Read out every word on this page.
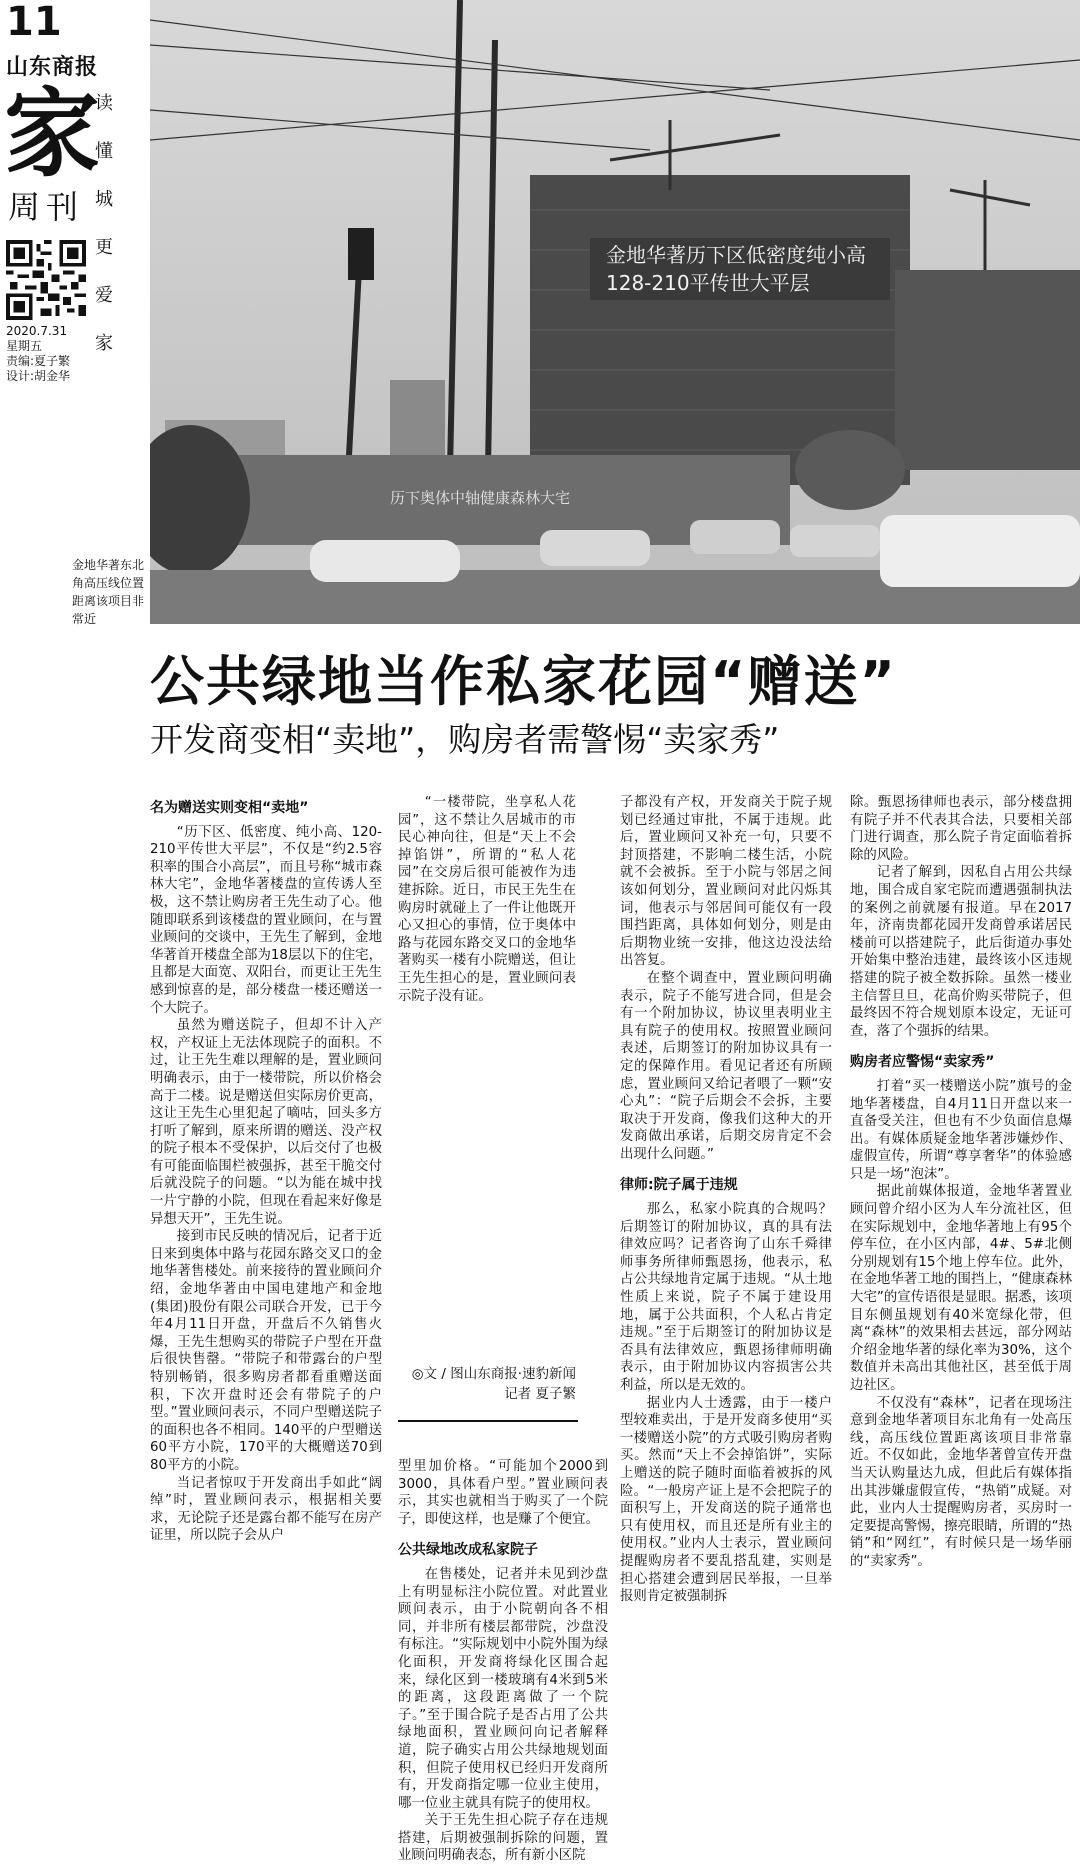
11
山东商报
家
周刊
读
懂
城
更
爱
家
2020.7.31
星期五
责编:夏子繁
设计:胡金华
金地华著东北角高压线位置距离该项目非常近
金地华著历下区低密度纯小高
128-210平传世大平层
历下奥体中轴健康森林大宅
公共绿地当作私家花园“赠送”
开发商变相“卖地”，购房者需警惕“卖家秀”
名为赠送实则变相“卖地”

“历下区、低密度、纯小高、120-210平传世大平层”，不仅是“约2.5容积率的围合小高层”，而且号称“城市森林大宅”，金地华著楼盘的宣传诱人至极，这不禁让购房者王先生动了心。他随即联系到该楼盘的置业顾问，在与置业顾问的交谈中，王先生了解到，金地华著首开楼盘全部为18层以下的住宅，且都是大面宽、双阳台，而更让王先生感到惊喜的是，部分楼盘一楼还赠送一个大院子。

虽然为赠送院子，但却不计入产权，产权证上无法体现院子的面积。不过，让王先生难以理解的是，置业顾问明确表示，由于一楼带院，所以价格会高于二楼。说是赠送但实际房价更高，这让王先生心里犯起了嘀咕，回头多方打听了解到，原来所谓的赠送、没产权的院子根本不受保护，以后交付了也极有可能面临围栏被强拆，甚至干脆交付后就没院子的问题。“以为能在城中找一片宁静的小院，但现在看起来好像是异想天开”，王先生说。

接到市民反映的情况后，记者于近日来到奥体中路与花园东路交叉口的金地华著售楼处。前来接待的置业顾问介绍，金地华著由中国电建地产和金地(集团)股份有限公司联合开发，已于今年4月11日开盘，开盘后不久销售火爆，王先生想购买的带院子户型在开盘后很快售罄。“带院子和带露台的户型特别畅销，很多购房者都看重赠送面积，下次开盘时还会有带院子的户型。”置业顾问表示，不同户型赠送院子的面积也各不相同。140平的户型赠送60平方小院，170平的大概赠送70到80平方的小院。

当记者惊叹于开发商出手如此“阔绰”时，置业顾问表示，根据相关要求，无论院子还是露台都不能写在房产证里，所以院子会从户

“一楼带院，坐享私人花园”，这不禁让久居城市的市民心神向往，但是“天上不会掉馅饼”，所谓的“私人花园”在交房后很可能被作为违建拆除。近日，市民王先生在购房时就碰上了一件让他既开心又担心的事情，位于奥体中路与花园东路交叉口的金地华著购买一楼有小院赠送，但让王先生担心的是，置业顾问表示院子没有证。

◎文 / 图山东商报·速豹新闻
记者 夏子繁

型里加价格。“可能加个2000到3000，具体看户型。”置业顾问表示，其实也就相当于购买了一个院子，即使这样，也是赚了个便宜。

公共绿地改成私家院子

在售楼处，记者并未见到沙盘上有明显标注小院位置。对此置业顾问表示，由于小院朝向各不相同，并非所有楼层都带院，沙盘没有标注。“实际规划中小院外围为绿化面积，开发商将绿化区围合起来，绿化区到一楼玻璃有4米到5米的距离，这段距离做了一个院子。”至于围合院子是否占用了公共绿地面积，置业顾问向记者解释道，院子确实占用公共绿地规划面积，但院子使用权已经归开发商所有，开发商指定哪一位业主使用，哪一位业主就具有院子的使用权。

关于王先生担心院子存在违规搭建，后期被强制拆除的问题，置业顾问明确表态，所有新小区院

子都没有产权，开发商关于院子规划已经通过审批，不属于违规。此后，置业顾问又补充一句，只要不封顶搭建，不影响二楼生活，小院就不会被拆。至于小院与邻居之间该如何划分，置业顾问对此闪烁其词，他表示与邻居间可能仅有一段围挡距离，具体如何划分，则是由后期物业统一安排，他这边没法给出答复。

在整个调查中，置业顾问明确表示，院子不能写进合同，但是会有一个附加协议，协议里表明业主具有院子的使用权。按照置业顾问表述，后期签订的附加协议具有一定的保障作用。看见记者还有所顾虑，置业顾问又给记者喂了一颗“安心丸”：“院子后期会不会拆，主要取决于开发商，像我们这种大的开发商做出承诺，后期交房肯定不会出现什么问题。”

律师:院子属于违规

那么，私家小院真的合规吗？后期签订的附加协议，真的具有法律效应吗？记者咨询了山东千舜律师事务所律师甄恩扬，他表示，私占公共绿地肯定属于违规。“从土地性质上来说，院子不属于建设用地，属于公共面积，个人私占肯定违规。”至于后期签订的附加协议是否具有法律效应，甄恩扬律师明确表示，由于附加协议内容损害公共利益，所以是无效的。

据业内人士透露，由于一楼户型较难卖出，于是开发商多使用“买一楼赠送小院”的方式吸引购房者购买。然而“天上不会掉馅饼”，实际上赠送的院子随时面临着被拆的风险。“一般房产证上是不会把院子的面积写上，开发商送的院子通常也只有使用权，而且还是所有业主的使用权。”业内人士表示，置业顾问提醒购房者不要乱搭乱建，实则是担心搭建会遭到居民举报，一旦举报则肯定被强制拆

除。甄恩扬律师也表示，部分楼盘拥有院子并不代表其合法，只要相关部门进行调查，那么院子肯定面临着拆除的风险。

记者了解到，因私自占用公共绿地，围合成自家宅院而遭遇强制执法的案例之前就屡有报道。早在2017年，济南贵都花园开发商曾承诺居民楼前可以搭建院子，此后街道办事处开始集中整治违建，最终该小区违规搭建的院子被全数拆除。虽然一楼业主信誓旦旦，花高价购买带院子，但最终因不符合规划原本设定，无证可查，落了个强拆的结果。

购房者应警惕“卖家秀”

打着“买一楼赠送小院”旗号的金地华著楼盘，自4月11日开盘以来一直备受关注，但也有不少负面信息爆出。有媒体质疑金地华著涉嫌炒作、虚假宣传，所谓“尊享奢华”的体验感只是一场“泡沫”。

据此前媒体报道，金地华著置业顾问曾介绍小区为人车分流社区，但在实际规划中，金地华著地上有95个停车位，在小区内部，4#、5#北侧分别规划有15个地上停车位。此外，在金地华著工地的围挡上，“健康森林大宅”的宣传语很是显眼。据悉，该项目东侧虽规划有40米宽绿化带，但离“森林”的效果相去甚远，部分网站介绍金地华著的绿化率为30%，这个数值并未高出其他社区，甚至低于周边社区。

不仅没有“森林”，记者在现场注意到金地华著项目东北角有一处高压线，高压线位置距离该项目非常靠近。不仅如此，金地华著曾宣传开盘当天认购量达九成，但此后有媒体指出其涉嫌虚假宣传，“热销”成疑。对此，业内人士提醒购房者，买房时一定要提高警惕，擦亮眼睛，所谓的“热销”和“网红”，有时候只是一场华丽的“卖家秀”。
